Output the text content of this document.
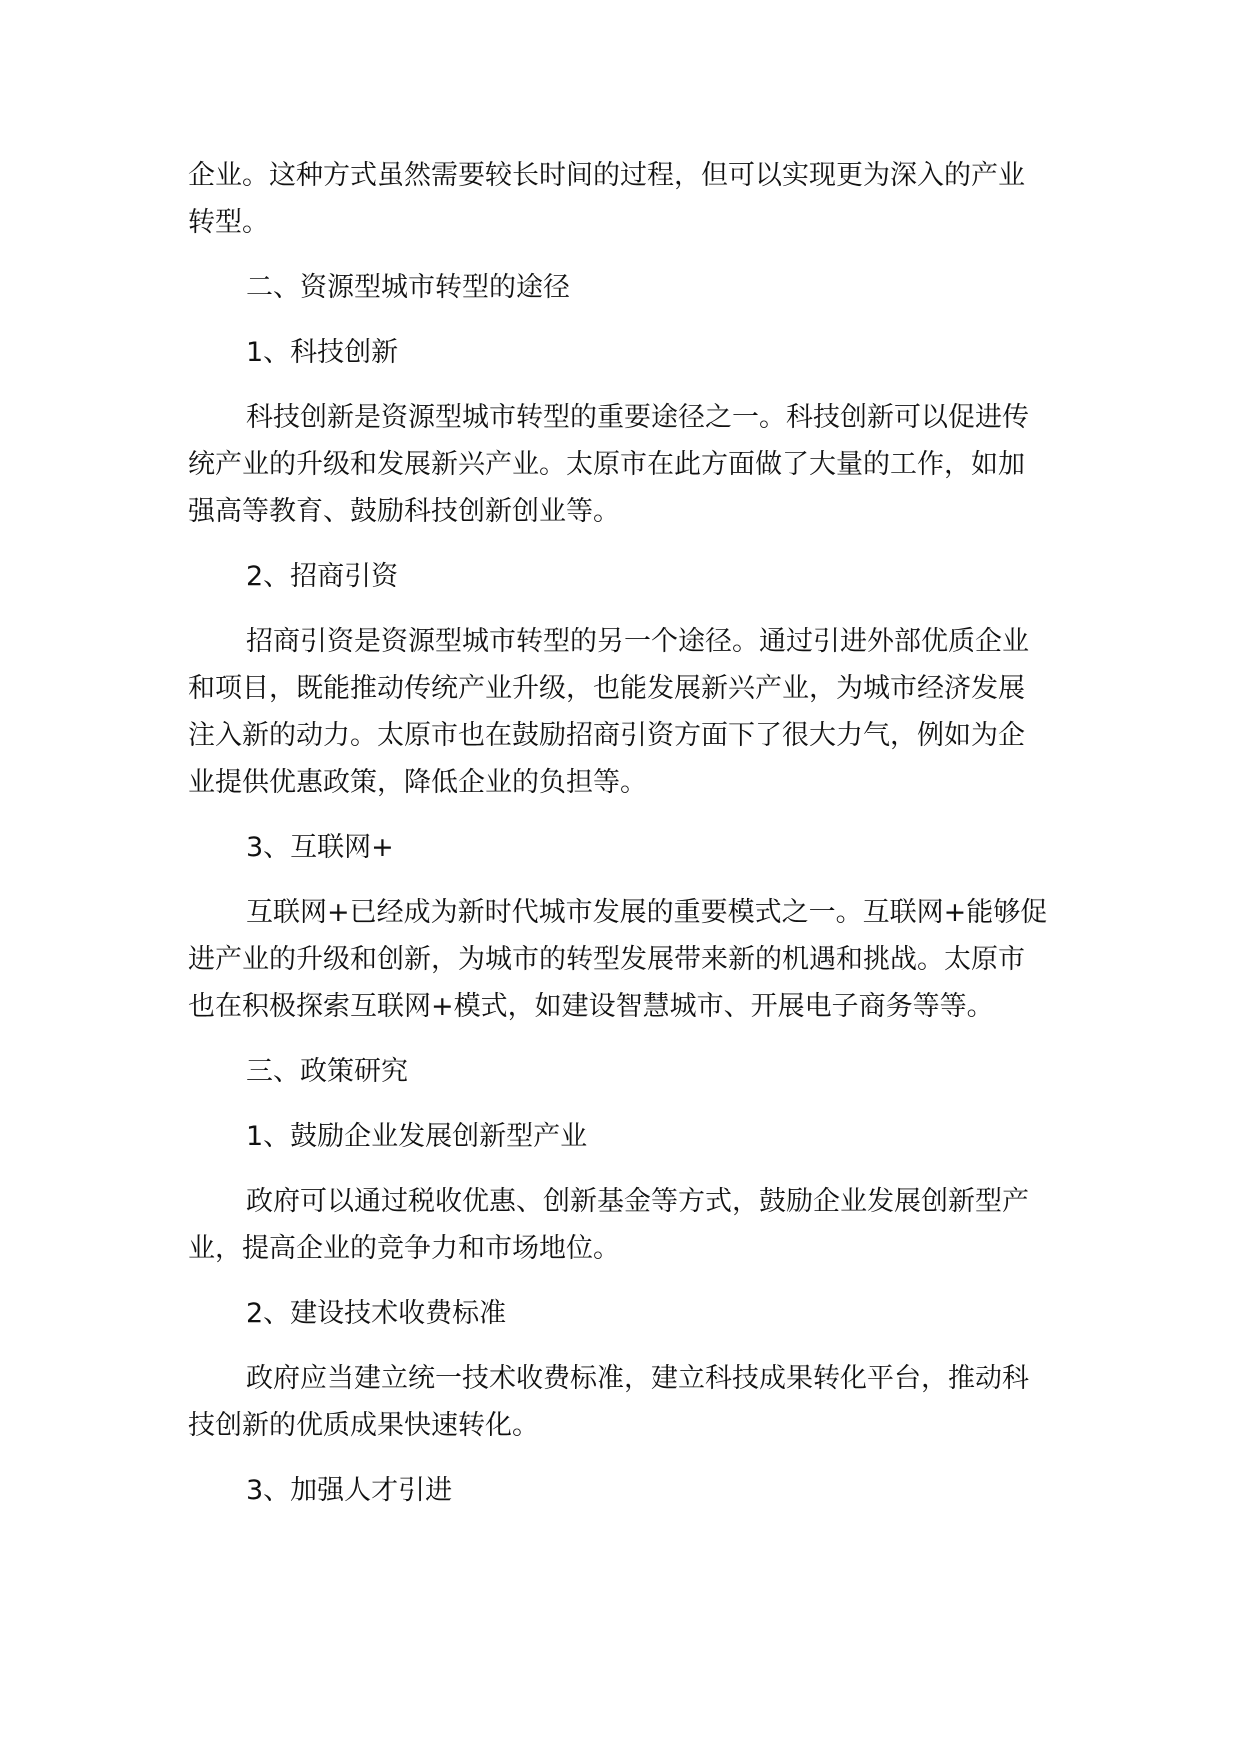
企业。这种方式虽然需要较长时间的过程，但可以实现更为深入的产业转型。

二、资源型城市转型的途径

1、科技创新

科技创新是资源型城市转型的重要途径之一。科技创新可以促进传统产业的升级和发展新兴产业。太原市在此方面做了大量的工作，如加强高等教育、鼓励科技创新创业等。

2、招商引资

招商引资是资源型城市转型的另一个途径。通过引进外部优质企业和项目，既能推动传统产业升级，也能发展新兴产业，为城市经济发展注入新的动力。太原市也在鼓励招商引资方面下了很大力气，例如为企业提供优惠政策，降低企业的负担等。

3、互联网+

互联网+已经成为新时代城市发展的重要模式之一。互联网+能够促进产业的升级和创新，为城市的转型发展带来新的机遇和挑战。太原市也在积极探索互联网+模式，如建设智慧城市、开展电子商务等等。

三、政策研究

1、鼓励企业发展创新型产业

政府可以通过税收优惠、创新基金等方式，鼓励企业发展创新型产业，提高企业的竞争力和市场地位。

2、建设技术收费标准

政府应当建立统一技术收费标准，建立科技成果转化平台，推动科技创新的优质成果快速转化。

3、加强人才引进
